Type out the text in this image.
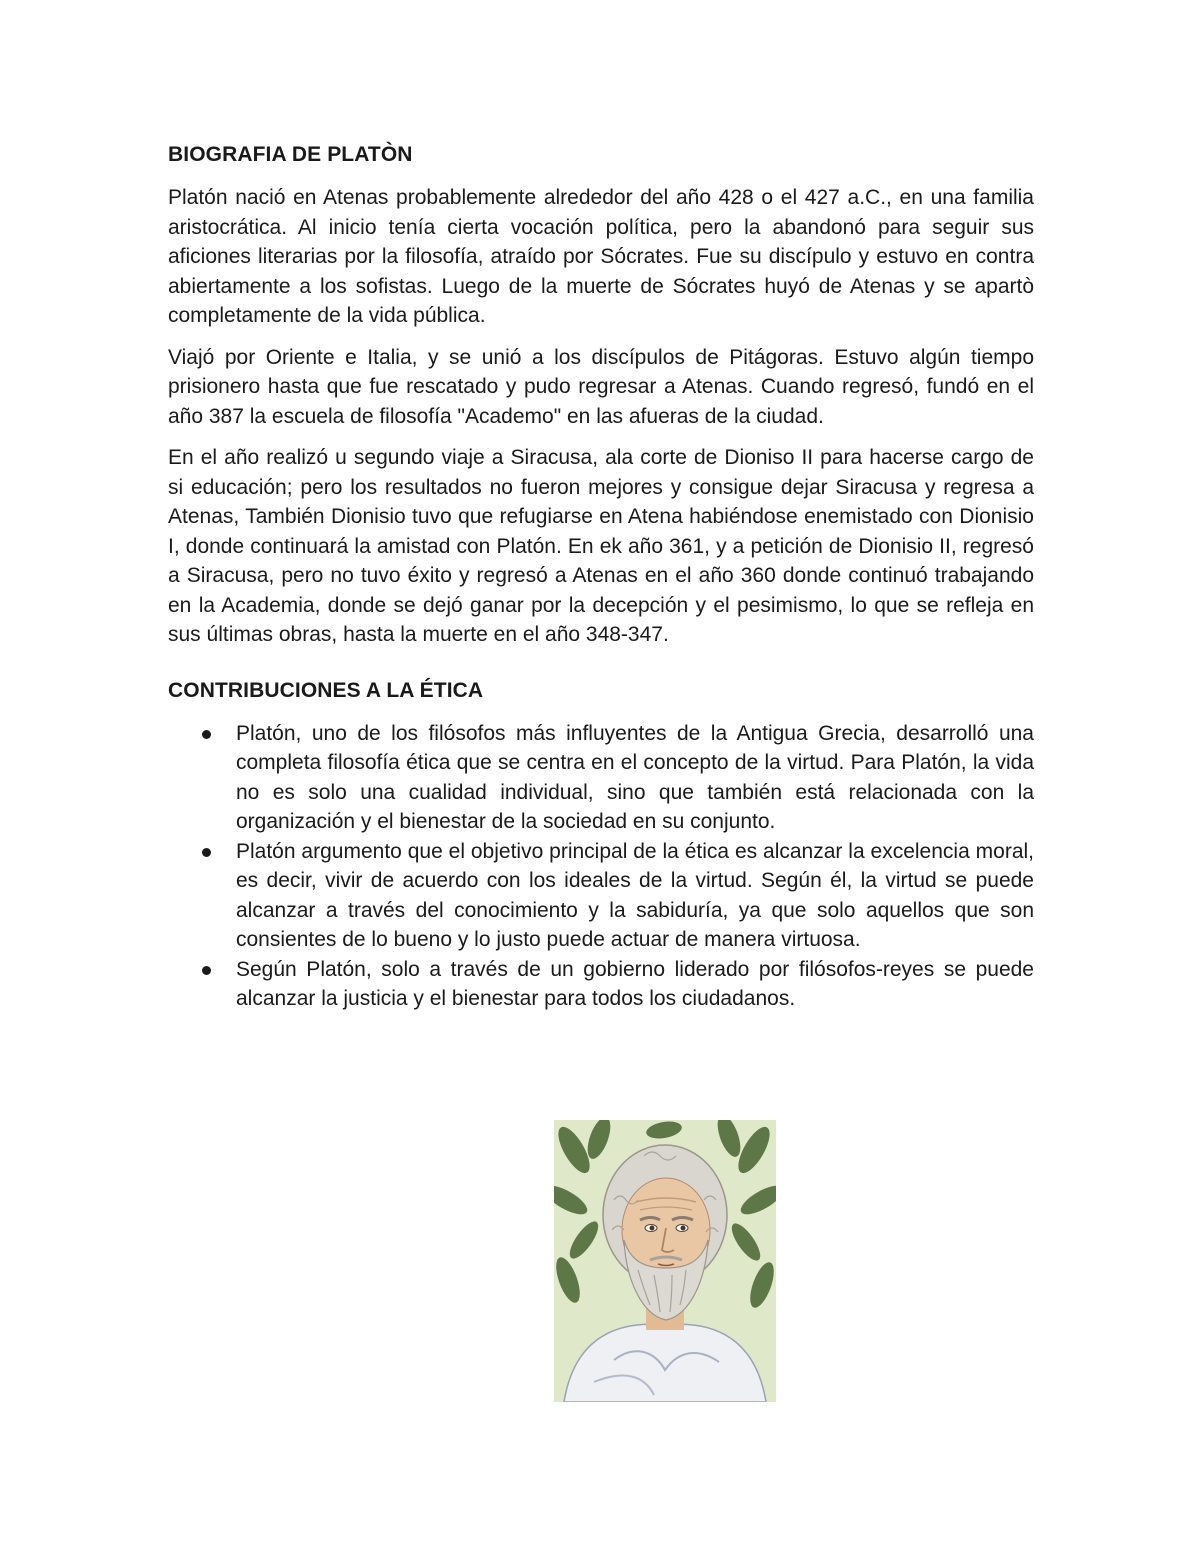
BIOGRAFIA DE PLATÒN

Platón nació en Atenas probablemente alrededor del año 428 o el 427 a.C., en una familia aristocrática. Al inicio tenía cierta vocación política, pero la abandonó para seguir sus aficiones literarias por la filosofía, atraído por Sócrates. Fue su discípulo y estuvo en contra abiertamente a los sofistas. Luego de la muerte de Sócrates huyó de Atenas y se apartò completamente de la vida pública.

Viajó por Oriente e Italia, y se unió a los discípulos de Pitágoras. Estuvo algún tiempo prisionero hasta que fue rescatado y pudo regresar a Atenas. Cuando regresó, fundó en el año 387 la escuela de filosofía "Academo" en las afueras de la ciudad.

En el año realizó u segundo viaje a Siracusa, ala corte de Dioniso II para hacerse cargo de si educación; pero los resultados no fueron mejores y consigue dejar Siracusa y regresa a Atenas, También Dionisio tuvo que refugiarse en Atena habiéndose enemistado con Dionisio I, donde continuará la amistad con Platón. En ek año 361, y a petición de Dionisio II, regresó a Siracusa, pero no tuvo éxito y regresó a Atenas en el año 360 donde continuó trabajando en la Academia, donde se dejó ganar por la decepción y el pesimismo, lo que se refleja en sus últimas obras, hasta la muerte en el año 348-347.

CONTRIBUCIONES A LA ÉTICA
Platón, uno de los filósofos más influyentes de la Antigua Grecia, desarrolló una completa filosofía ética que se centra en el concepto de la virtud. Para Platón, la vida no es solo una cualidad individual, sino que también está relacionada con la organización y el bienestar de la sociedad en su conjunto.
Platón argumento que el objetivo principal de la ética es alcanzar la excelencia moral, es decir, vivir de acuerdo con los ideales de la virtud. Según él, la virtud se puede alcanzar a través del conocimiento y la sabiduría, ya que solo aquellos que son consientes de lo bueno y lo justo puede actuar de manera virtuosa.
Según Platón, solo a través de un gobierno liderado por filósofos-reyes se puede alcanzar la justicia y el bienestar para todos los ciudadanos.
